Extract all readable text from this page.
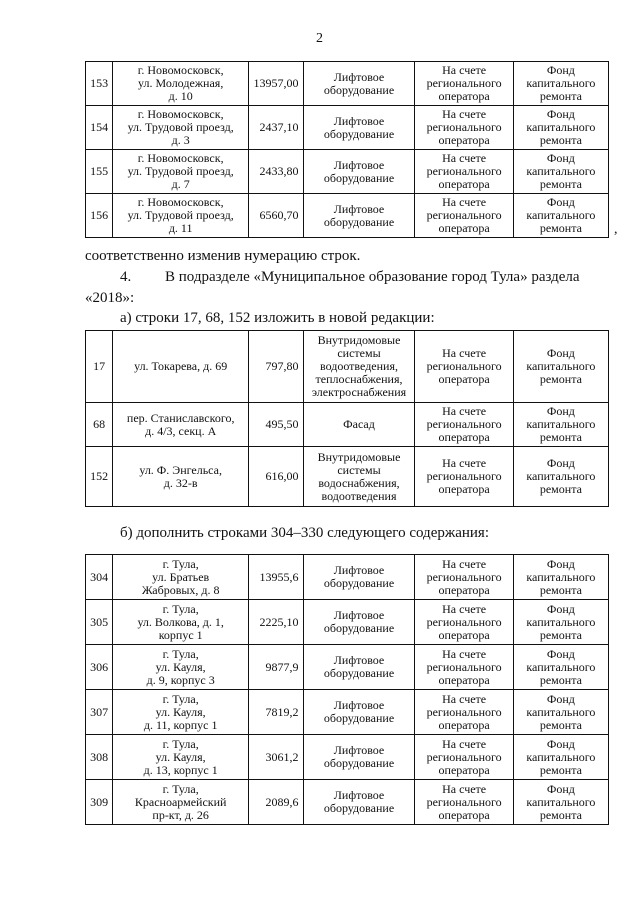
2
153	г. Новомосковск,
ул. Молодежная,
д. 10	13957,00	Лифтовое
оборудование	На счете
регионального
оператора	Фонд
капитального
ремонта
154	г. Новомосковск,
ул. Трудовой проезд,
д. 3	2437,10	Лифтовое
оборудование	На счете
регионального
оператора	Фонд
капитального
ремонта
155	г. Новомосковск,
ул. Трудовой проезд,
д. 7	2433,80	Лифтовое
оборудование	На счете
регионального
оператора	Фонд
капитального
ремонта
156	г. Новомосковск,
ул. Трудовой проезд,
д. 11	6560,70	Лифтовое
оборудование	На счете
регионального
оператора	Фонд
капитального
ремонта ,
соответственно изменив нумерацию строк.
4. В подразделе «Муниципальное образование город Тула» раздела
«2018»:
а) строки 17, 68, 152 изложить в новой редакции:
17	ул. Токарева, д. 69	797,80	Внутридомовые
системы
водоотведения,
теплоснабжения,
электроснабжения	На счете
регионального
оператора	Фонд
капитального
ремонта
68	пер. Станиславского,
д. 4/3, секц. А	495,50	Фасад	На счете
регионального
оператора	Фонд
капитального
ремонта
152	ул. Ф. Энгельса,
д. 32-в	616,00	Внутридомовые
системы
водоснабжения,
водоотведения	На счете
регионального
оператора	Фонд
капитального
ремонта
б) дополнить строками 304–330 следующего содержания:
304	г. Тула,
ул. Братьев
Жабровых, д. 8	13955,6	Лифтовое
оборудование	На счете
регионального
оператора	Фонд
капитального
ремонта
305	г. Тула,
ул. Волкова, д. 1,
корпус 1	2225,10	Лифтовое
оборудование	На счете
регионального
оператора	Фонд
капитального
ремонта
306	г. Тула,
ул. Кауля,
д. 9, корпус 3	9877,9	Лифтовое
оборудование	На счете
регионального
оператора	Фонд
капитального
ремонта
307	г. Тула,
ул. Кауля,
д. 11, корпус 1	7819,2	Лифтовое
оборудование	На счете
регионального
оператора	Фонд
капитального
ремонта
308	г. Тула,
ул. Кауля,
д. 13, корпус 1	3061,2	Лифтовое
оборудование	На счете
регионального
оператора	Фонд
капитального
ремонта
309	г. Тула,
Красноармейский
пр-кт, д. 26	2089,6	Лифтовое
оборудование	На счете
регионального
оператора	Фонд
капитального
ремонта
